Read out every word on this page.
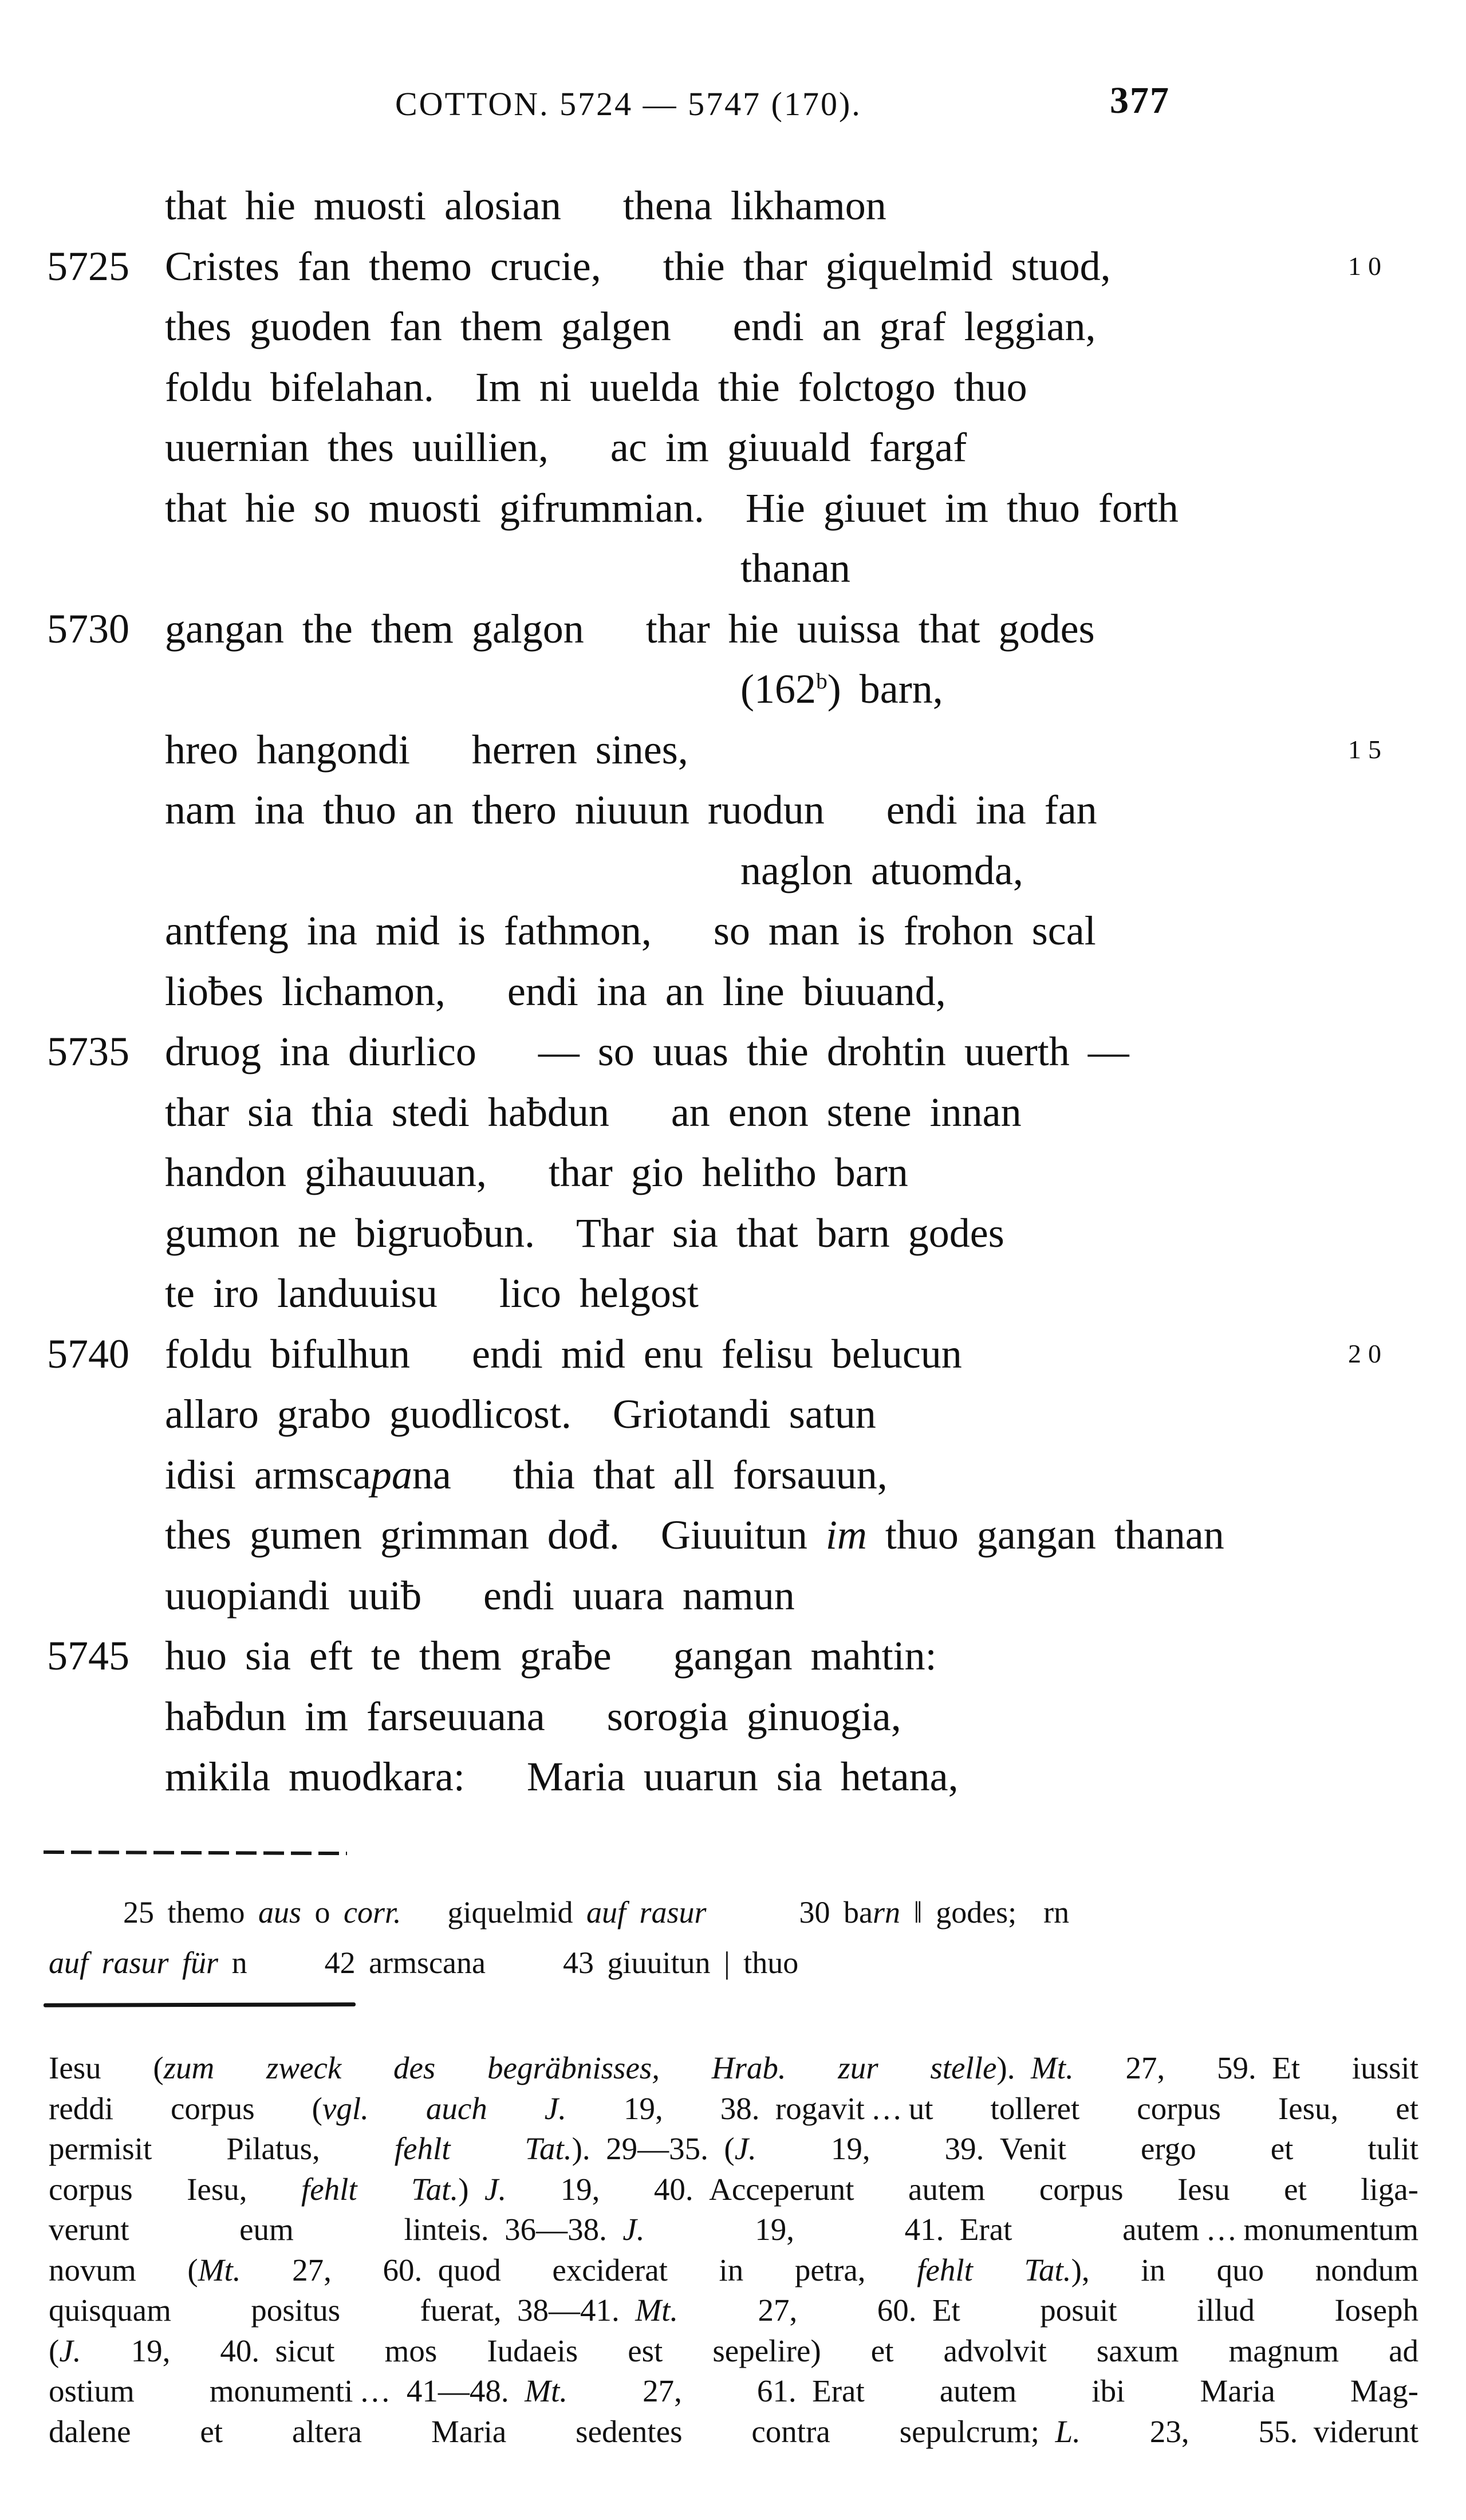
COTTON. 5724 — 5747 (170).	377
that hie muosti alosian  thena likhamon
5725 Cristes fan themo crucie,  thie thar giquelmid stuod,	10
thes guoden fan them galgen  endi an graf leggian,
foldu bifelahan. Im ni uuelda thie folctogo thuo
uuernian thes uuillien,  ac im giuuald fargaf
that hie so muosti gifrummian. Hie giuuet im thuo forth
thanan
5730 gangan the them galgon  thar hie uuissa that godes
(162$^b$) barn,
hreo hangondi  herren sines,	15
nam ina thuo an thero niuuun ruodun  endi ina fan
naglon atuomda,
antfeng ina mid is fathmon,  so man is frohon scal
lioƀes lichamon,  endi ina an line biuuand,
5735 druog ina diurlico  — so uuas thie drohtin uuerth —
thar sia thia stedi haƀdun  an enon stene innan
handon gihauuuan,  thar gio helitho barn
gumon ne bigruoƀun. Thar sia that barn godes
te iro landuuisu  lico helgost
5740 foldu bifulhun  endi mid enu felisu belucun	20
allaro grabo guodlicost. Griotandi satun
idisi armscapana  thia that all forsauun,
thes gumen grimman dođ. Giuuitun im thuo gangan thanan
uuopiandi uuiƀ  endi uuara namun
5745 huo sia eft te them graƀe  gangan mahtin:
haƀdun im farseuuana  sorogia ginuogia,
mikila muodkara:  Maria uuarun sia hetana,
25 themo aus o corr.  giquelmid auf rasur   30 barn ‖ godes;  rn
auf rasur für n   42 armscana   43 giuuitun | thuo
Iesu (zum zweck des begräbnisses, Hrab. zur stelle). Mt. 27, 59. Et iussit
reddi corpus (vgl. auch J. 19, 38. rogavit … ut tolleret corpus Iesu, et
permisit Pilatus, fehlt Tat.). 29—35. (J. 19, 39. Venit ergo et tulit
corpus Iesu, fehlt Tat.) J. 19, 40. Acceperunt autem corpus Iesu et liga-
verunt eum linteis. 36—38. J. 19, 41. Erat autem … monumentum
novum (Mt. 27, 60. quod exciderat in petra, fehlt Tat.), in quo nondum
quisquam positus fuerat, 38—41. Mt. 27, 60. Et posuit illud Ioseph
(J. 19, 40. sicut mos Iudaeis est sepelire) et advolvit saxum magnum ad
ostium monumenti … 41—48. Mt. 27, 61. Erat autem ibi Maria Mag-
dalene et altera Maria sedentes contra sepulcrum; L. 23, 55. viderunt
